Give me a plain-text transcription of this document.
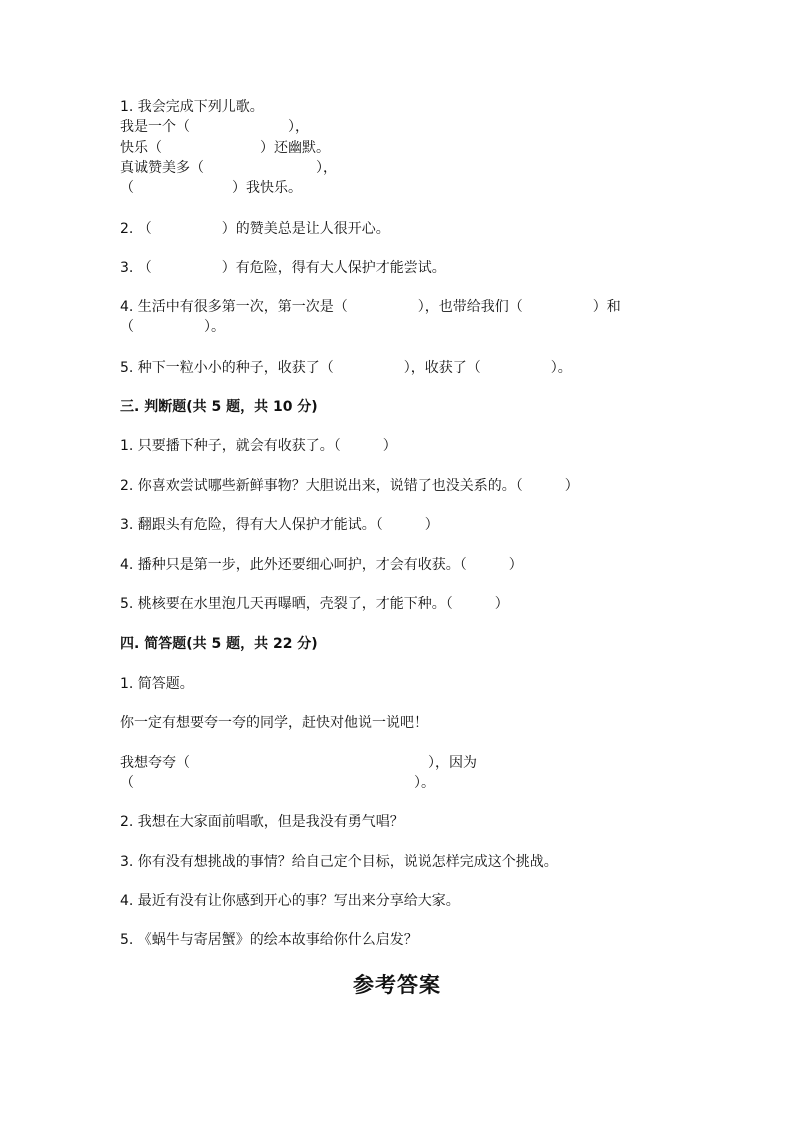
1. 我会完成下列儿歌。
我是一个（　　　　　　　），
快乐（　　　　　　　）还幽默。
真诚赞美多（　　　　　　　　），
（　　　　　　　）我快乐。
2. （　　　　　）的赞美总是让人很开心。
3. （　　　　　）有危险，得有大人保护才能尝试。
4. 生活中有很多第一次，第一次是（　　　　　），也带给我们（　　　　　）和
（　　　　　）。
5. 种下一粒小小的种子，收获了（　　　　　），收获了（　　　　　）。
三. 判断题(共 5 题，共 10 分)
1. 只要播下种子，就会有收获了。（　　　）
2. 你喜欢尝试哪些新鲜事物？大胆说出来，说错了也没关系的。（　　　）
3. 翻跟头有危险，得有大人保护才能试。（　　　）
4. 播种只是第一步，此外还要细心呵护，才会有收获。（　　　）
5. 桃核要在水里泡几天再曝晒，壳裂了，才能下种。（　　　）
四. 简答题(共 5 题，共 22 分)
1. 简答题。
你一定有想要夸一夸的同学，赶快对他说一说吧！
我想夸夸（　　　　　　　　　　　　　　　　　），因为
（　　　　　　　　　　　　　　　　　　　　）。
2. 我想在大家面前唱歌，但是我没有勇气唱？
3. 你有没有想挑战的事情？给自己定个目标，说说怎样完成这个挑战。
4. 最近有没有让你感到开心的事？写出来分享给大家。
5. 《蜗牛与寄居蟹》的绘本故事给你什么启发？
参考答案
